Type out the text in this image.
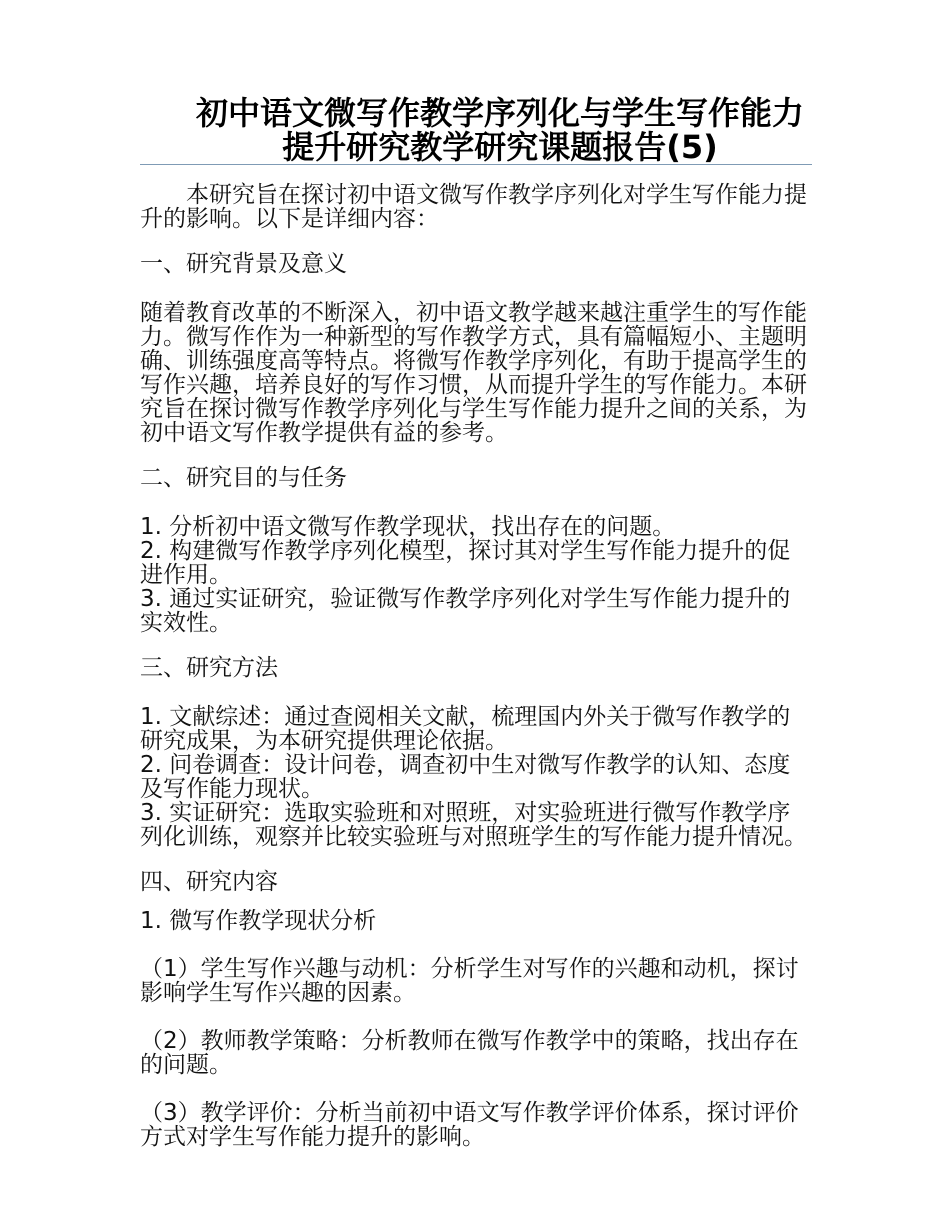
初中语文微写作教学序列化与学生写作能力提升研究教学研究课题报告(5)

本研究旨在探讨初中语文微写作教学序列化对学生写作能力提升的影响。以下是详细内容：

一、研究背景及意义

随着教育改革的不断深入，初中语文教学越来越注重学生的写作能力。微写作作为一种新型的写作教学方式，具有篇幅短小、主题明确、训练强度高等特点。将微写作教学序列化，有助于提高学生的写作兴趣，培养良好的写作习惯，从而提升学生的写作能力。本研究旨在探讨微写作教学序列化与学生写作能力提升之间的关系，为初中语文写作教学提供有益的参考。

二、研究目的与任务
1. 分析初中语文微写作教学现状，找出存在的问题。
2. 构建微写作教学序列化模型，探讨其对学生写作能力提升的促进作用。
3. 通过实证研究，验证微写作教学序列化对学生写作能力提升的实效性。
三、研究方法
1. 文献综述：通过查阅相关文献，梳理国内外关于微写作教学的研究成果，为本研究提供理论依据。
2. 问卷调查：设计问卷，调查初中生对微写作教学的认知、态度及写作能力现状。
3. 实证研究：选取实验班和对照班，对实验班进行微写作教学序列化训练，观察并比较实验班与对照班学生的写作能力提升情况。
四、研究内容

1. 微写作教学现状分析

（1）学生写作兴趣与动机：分析学生对写作的兴趣和动机，探讨影响学生写作兴趣的因素。

（2）教师教学策略：分析教师在微写作教学中的策略，找出存在的问题。

（3）教学评价：分析当前初中语文写作教学评价体系，探讨评价方式对学生写作能力提升的影响。
